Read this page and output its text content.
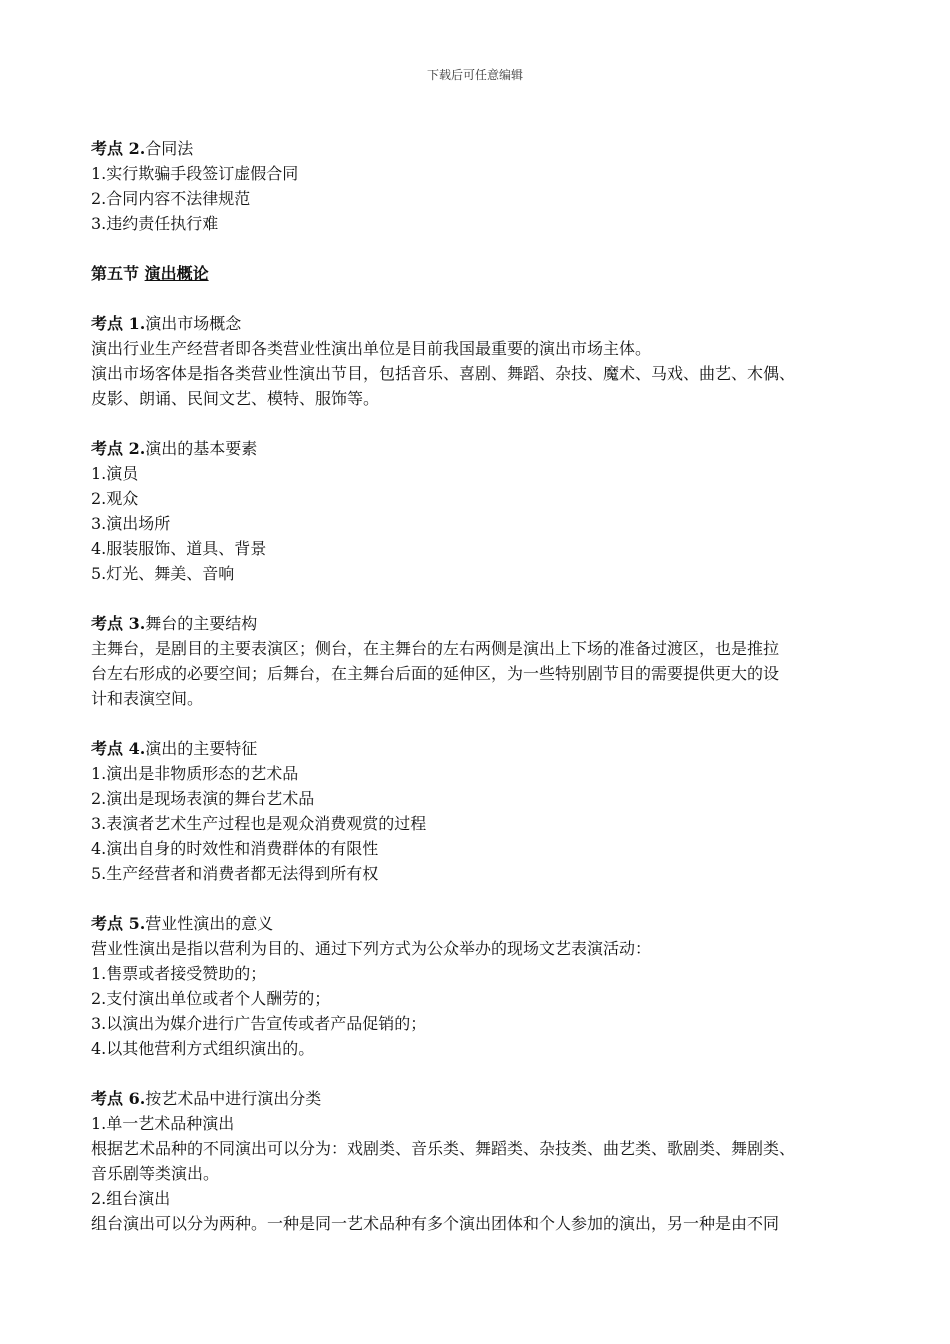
下载后可任意编辑
考点 2.合同法
1.实行欺骗手段签订虚假合同
2.合同内容不法律规范
3.违约责任执行难
第五节 演出概论
考点 1.演出市场概念
演出行业生产经营者即各类营业性演出单位是目前我国最重要的演出市场主体。
演出市场客体是指各类营业性演出节目，包括音乐、喜剧、舞蹈、杂技、魔术、马戏、曲艺、木偶、
皮影、朗诵、民间文艺、模特、服饰等。
考点 2.演出的基本要素
1.演员
2.观众
3.演出场所
4.服装服饰、道具、背景
5.灯光、舞美、音响
考点 3.舞台的主要结构
主舞台，是剧目的主要表演区；侧台，在主舞台的左右两侧是演出上下场的准备过渡区，也是推拉
台左右形成的必要空间；后舞台，在主舞台后面的延伸区，为一些特别剧节目的需要提供更大的设
计和表演空间。
考点 4.演出的主要特征
1.演出是非物质形态的艺术品
2.演出是现场表演的舞台艺术品
3.表演者艺术生产过程也是观众消费观赏的过程
4.演出自身的时效性和消费群体的有限性
5.生产经营者和消费者都无法得到所有权
考点 5.营业性演出的意义
营业性演出是指以营利为目的、通过下列方式为公众举办的现场文艺表演活动：
1.售票或者接受赞助的；
2.支付演出单位或者个人酬劳的；
3.以演出为媒介进行广告宣传或者产品促销的；
4.以其他营利方式组织演出的。
考点 6.按艺术品中进行演出分类
1.单一艺术品种演出
根据艺术品种的不同演出可以分为：戏剧类、音乐类、舞蹈类、杂技类、曲艺类、歌剧类、舞剧类、
音乐剧等类演出。
2.组台演出
组台演出可以分为两种。一种是同一艺术品种有多个演出团体和个人参加的演出，另一种是由不同
